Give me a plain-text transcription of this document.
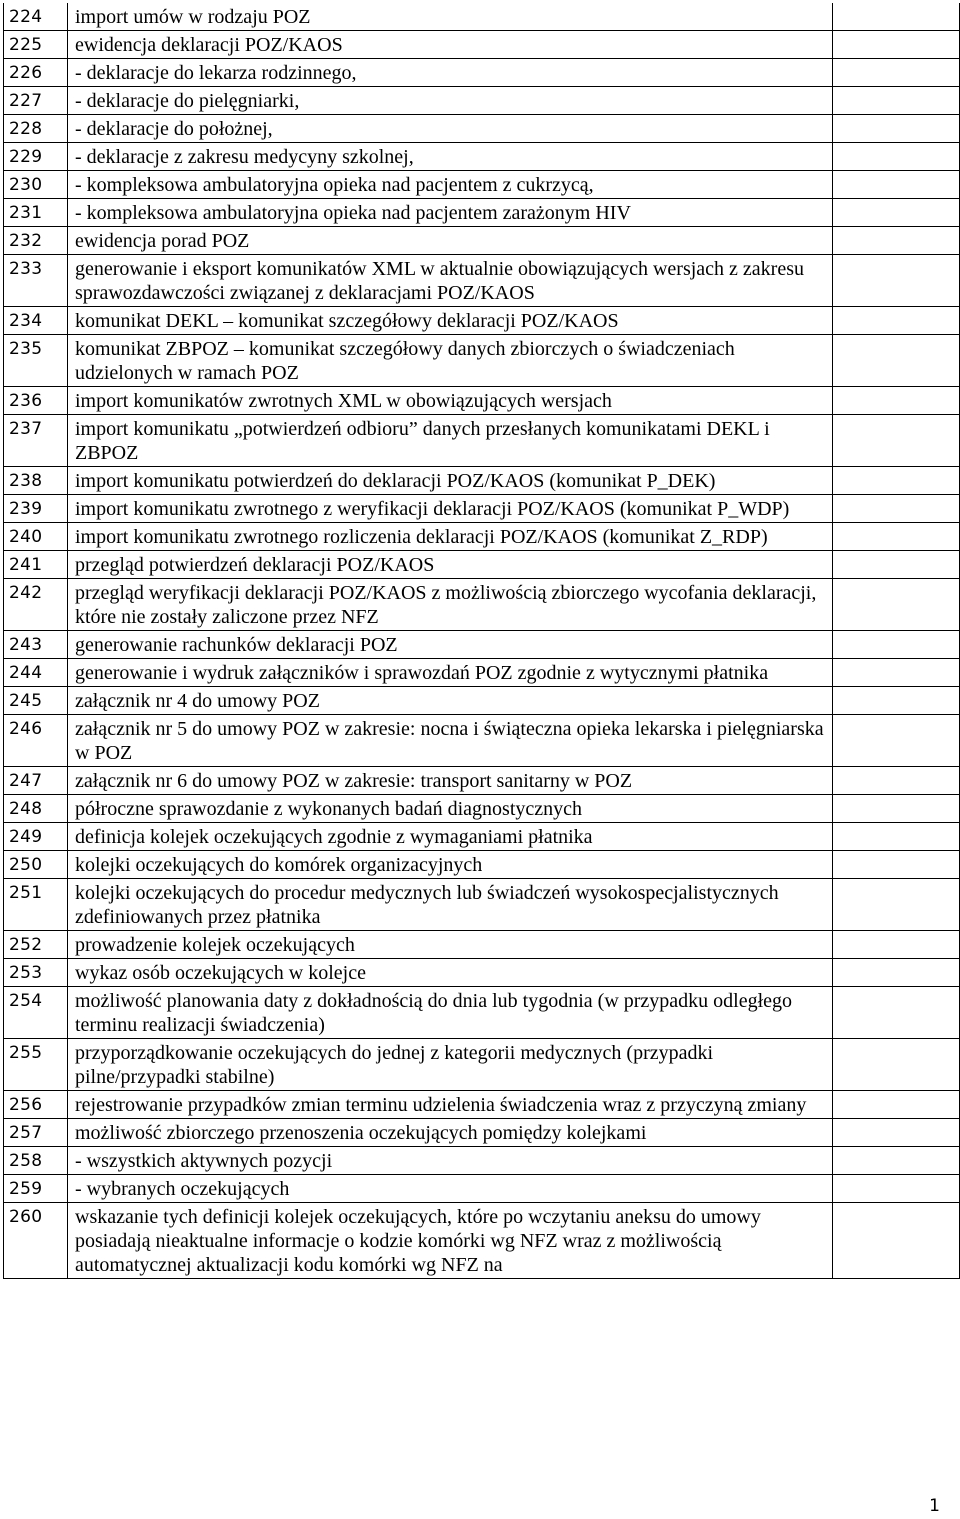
224	import umów w rodzaju POZ	
225	ewidencja deklaracji POZ/KAOS	
226	- deklaracje do lekarza rodzinnego,	
227	- deklaracje do pielęgniarki,	
228	- deklaracje do położnej,	
229	- deklaracje z zakresu medycyny szkolnej,	
230	- kompleksowa ambulatoryjna opieka nad pacjentem z cukrzycą,	
231	- kompleksowa ambulatoryjna opieka nad pacjentem zarażonym HIV	
232	ewidencja porad POZ	
233	generowanie i eksport komunikatów XML w aktualnie obowiązujących wersjach z zakresu sprawozdawczości związanej z deklaracjami POZ/KAOS	
234	komunikat DEKL – komunikat szczegółowy deklaracji POZ/KAOS	
235	komunikat ZBPOZ – komunikat szczegółowy danych zbiorczych o świadczeniach udzielonych w ramach POZ	
236	import komunikatów zwrotnych XML w obowiązujących wersjach	
237	import komunikatu „potwierdzeń odbioru” danych przesłanych komunikatami DEKL i ZBPOZ	
238	import komunikatu potwierdzeń do deklaracji POZ/KAOS (komunikat P_DEK)	
239	import komunikatu zwrotnego z weryfikacji deklaracji POZ/KAOS (komunikat P_WDP)	
240	import komunikatu zwrotnego rozliczenia deklaracji POZ/KAOS (komunikat Z_RDP)	
241	przegląd potwierdzeń deklaracji POZ/KAOS	
242	przegląd weryfikacji deklaracji POZ/KAOS z możliwością zbiorczego wycofania deklaracji, które nie zostały zaliczone przez NFZ	
243	generowanie rachunków deklaracji POZ	
244	generowanie i wydruk załączników i sprawozdań POZ zgodnie z wytycznymi płatnika	
245	załącznik nr 4 do umowy POZ	
246	załącznik nr 5 do umowy POZ w zakresie: nocna i świąteczna opieka lekarska i pielęgniarska w POZ	
247	załącznik nr 6 do umowy POZ w zakresie: transport sanitarny w POZ	
248	półroczne sprawozdanie z wykonanych badań diagnostycznych	
249	definicja kolejek oczekujących zgodnie z wymaganiami płatnika	
250	kolejki oczekujących do komórek organizacyjnych	
251	kolejki oczekujących do procedur medycznych lub świadczeń wysokospecjalistycznych zdefiniowanych przez płatnika	
252	prowadzenie kolejek oczekujących	
253	wykaz osób oczekujących w kolejce	
254	możliwość planowania daty z dokładnością do dnia lub tygodnia (w przypadku odległego terminu realizacji świadczenia)	
255	przyporządkowanie oczekujących do jednej z kategorii medycznych (przypadki pilne/przypadki stabilne)	
256	rejestrowanie przypadków zmian terminu udzielenia świadczenia wraz z przyczyną zmiany	
257	możliwość zbiorczego przenoszenia oczekujących pomiędzy kolejkami	
258	- wszystkich aktywnych pozycji	
259	- wybranych oczekujących	
260	wskazanie tych definicji kolejek oczekujących, które po wczytaniu aneksu do umowy posiadają nieaktualne informacje o kodzie komórki wg NFZ wraz z możliwością automatycznej aktualizacji kodu komórki wg NFZ na	
1
